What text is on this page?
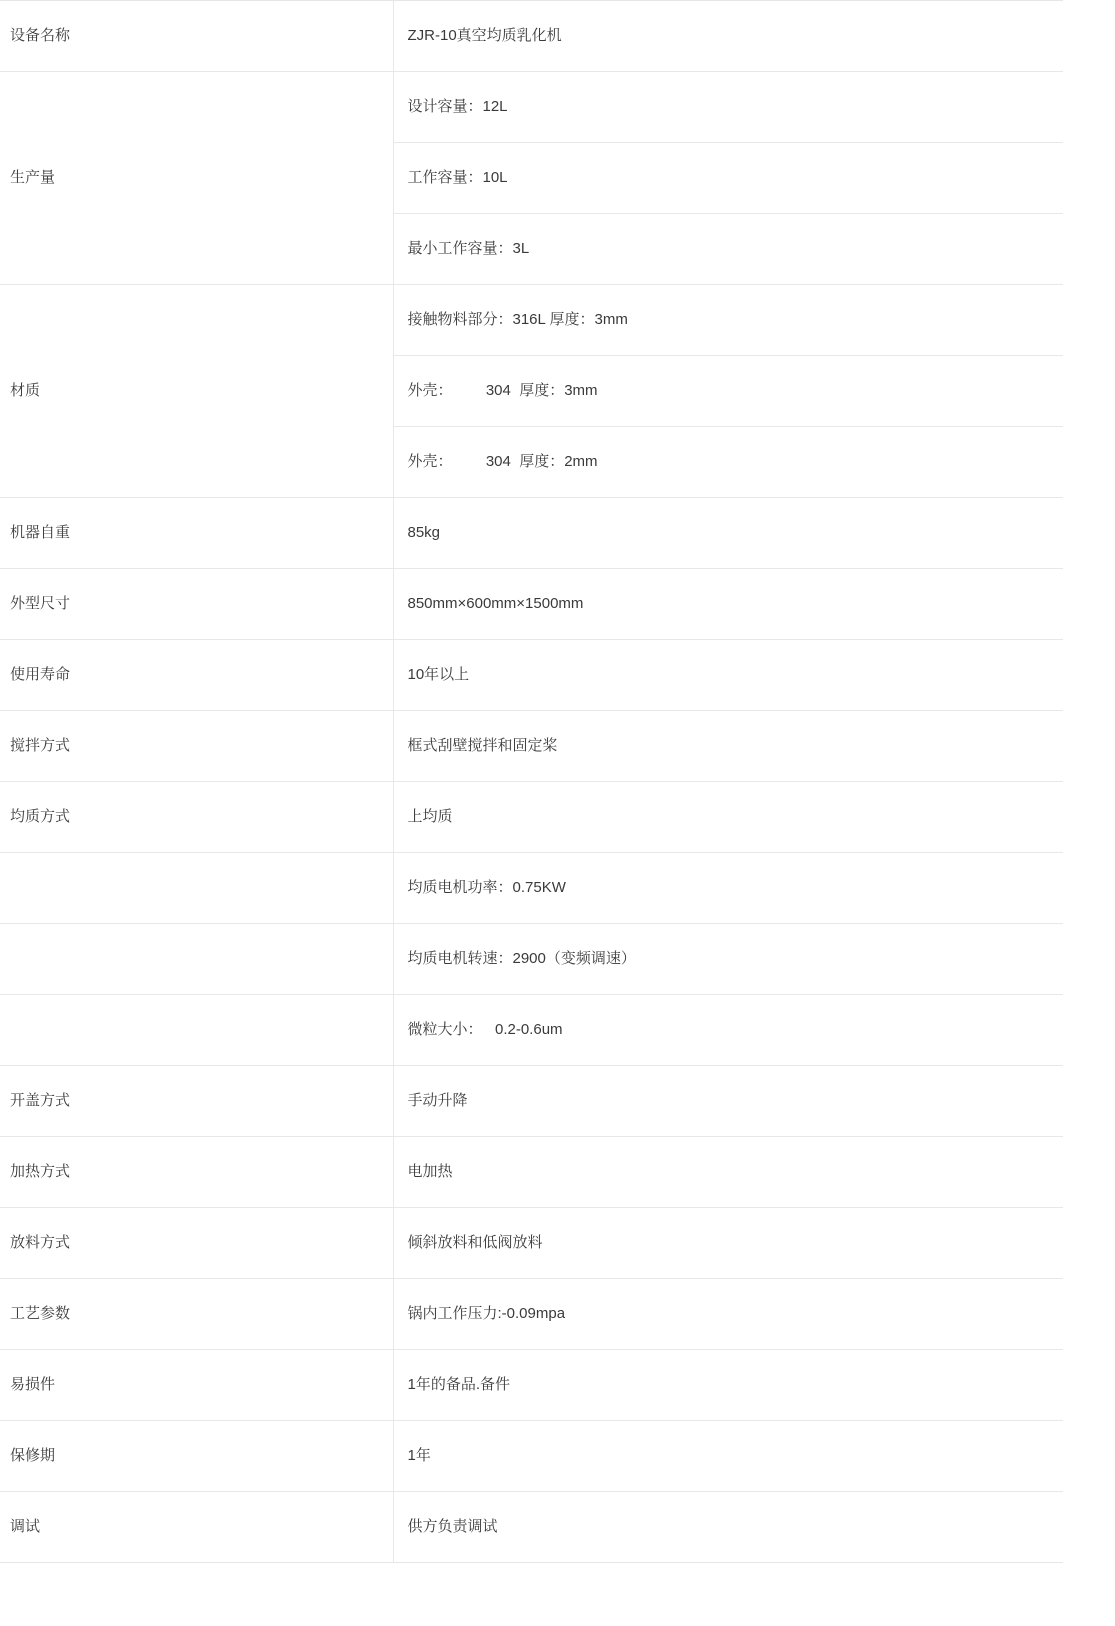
设备名称	ZJR-10真空均质乳化机

生产量	设计容量：12L

	工作容量：10L

	最小工作容量：3L

材质	接触物料部分：316L 厚度：3mm

	外壳：        304  厚度：3mm

	外壳：        304  厚度：2mm

机器自重	85kg

外型尺寸	850mm×600mm×1500mm

使用寿命	10年以上

搅拌方式	框式刮壁搅拌和固定桨

均质方式	上均质

	均质电机功率：0.75KW

	均质电机转速：2900（变频调速）

	微粒大小：   0.2-0.6um

开盖方式	手动升降

加热方式	电加热

放料方式	倾斜放料和低阀放料

工艺参数	锅内工作压力:-0.09mpa

易损件	1年的备品.备件

保修期	1年

调试	供方负责调试
